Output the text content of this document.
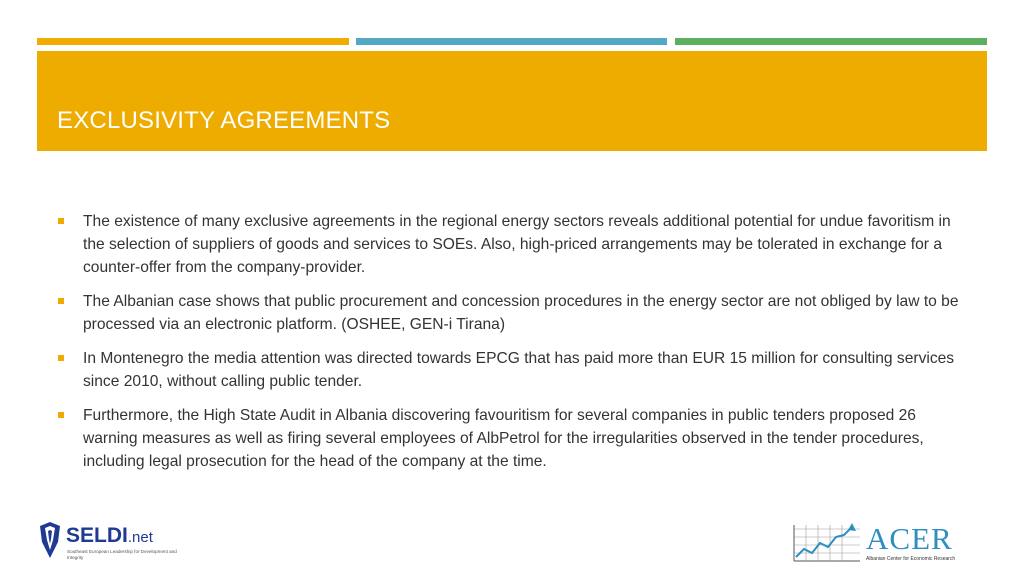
EXCLUSIVITY AGREEMENTS
The existence of many exclusive agreements in the regional energy sectors reveals additional potential for undue favoritism in the selection of suppliers of goods and services to SOEs. Also, high-priced arrangements may be tolerated in exchange for a counter-offer from the company-provider.
The Albanian case shows that public procurement and concession procedures in the energy sector are not obliged by law to be processed via an electronic platform. (OSHEE, GEN-i Tirana)
In Montenegro the media attention was directed towards EPCG that has paid more than EUR 15 million for consulting services since 2010, without calling public tender.
Furthermore, the High State Audit in Albania discovering favouritism for several companies in public tenders proposed 26 warning measures as well as firing several employees of AlbPetrol for the irregularities observed in the tender procedures, including legal prosecution for the head of the company at the time.
SELDI.net
Southeast European Leadership for Development and Integrity
ACER
Albanian Center for Economic Research
